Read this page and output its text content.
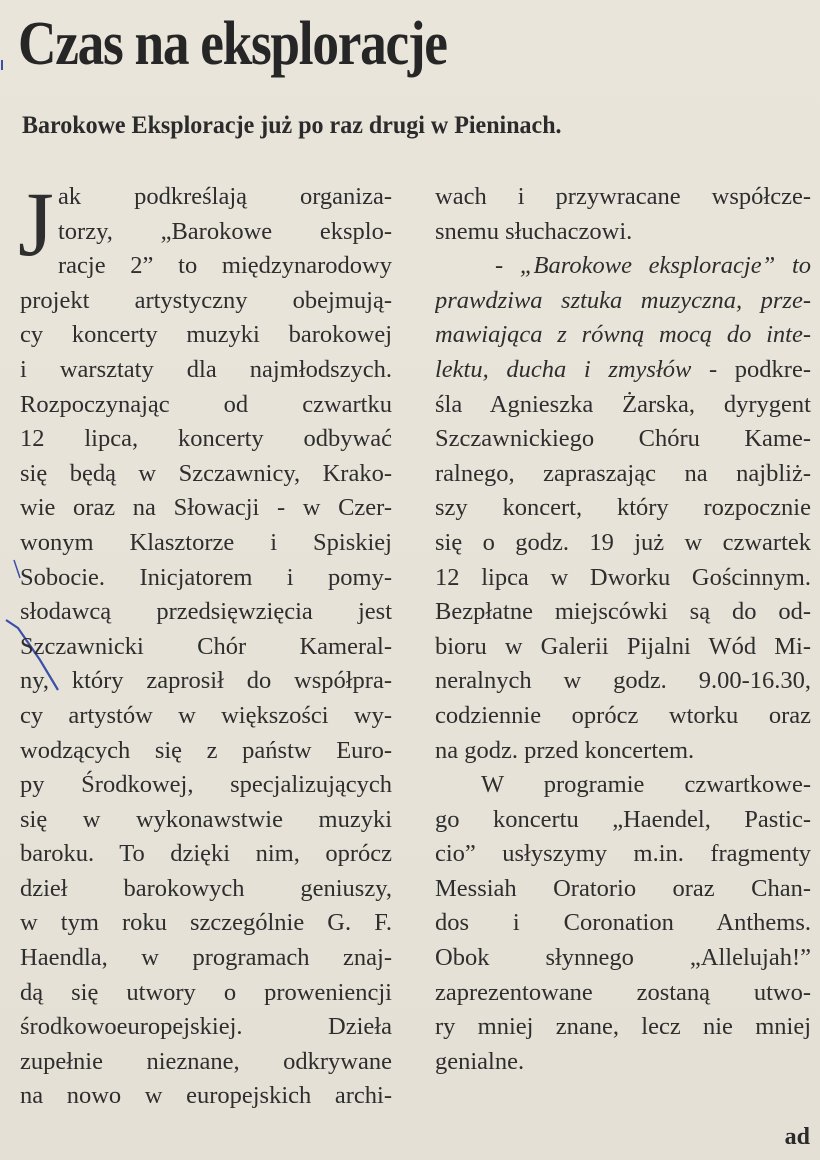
Czas na eksploracje
Barokowe Eksploracje już po raz drugi w Pieninach.
J ak podkreślają organiza-
torzy, „Barokowe eksplo-
racje 2” to międzynarodowy
projekt artystyczny obejmują-
cy koncerty muzyki barokowej
i warsztaty dla najmłodszych.
Rozpoczynając od czwartku
12 lipca, koncerty odbywać
się będą w Szczawnicy, Krako-
wie oraz na Słowacji - w Czer-
wonym Klasztorze i Spiskiej
Sobocie. Inicjatorem i pomy-
słodawcą przedsięwzięcia jest
Szczawnicki Chór Kameral-
ny, który zaprosił do współpra-
cy artystów w większości wy-
wodzących się z państw Euro-
py Środkowej, specjalizujących
się w wykonawstwie muzyki
baroku. To dzięki nim, oprócz
dzieł barokowych geniuszy,
w tym roku szczególnie G. F.
Haendla, w programach znaj-
dą się utwory o proweniencji
środkowoeuropejskiej. Dzieła
zupełnie nieznane, odkrywane
na nowo w europejskich archi-
wach i przywracane współcze-
snemu słuchaczowi.
- „Barokowe eksploracje” to
prawdziwa sztuka muzyczna, prze-
mawiająca z równą mocą do inte-
lektu, ducha i zmysłów - podkre-
śla Agnieszka Żarska, dyrygent
Szczawnickiego Chóru Kame-
ralnego, zapraszając na najbliż-
szy koncert, który rozpocznie
się o godz. 19 już w czwartek
12 lipca w Dworku Gościnnym.
Bezpłatne miejscówki są do od-
bioru w Galerii Pijalni Wód Mi-
neralnych w godz. 9.00-16.30,
codziennie oprócz wtorku oraz
na godz. przed koncertem.
W programie czwartkowe-
go koncertu „Haendel, Pastic-
cio” usłyszymy m.in. fragmenty
Messiah Oratorio oraz Chan-
dos i Coronation Anthems.
Obok słynnego „Allelujah!”
zaprezentowane zostaną utwo-
ry mniej znane, lecz nie mniej
genialne.
ad
